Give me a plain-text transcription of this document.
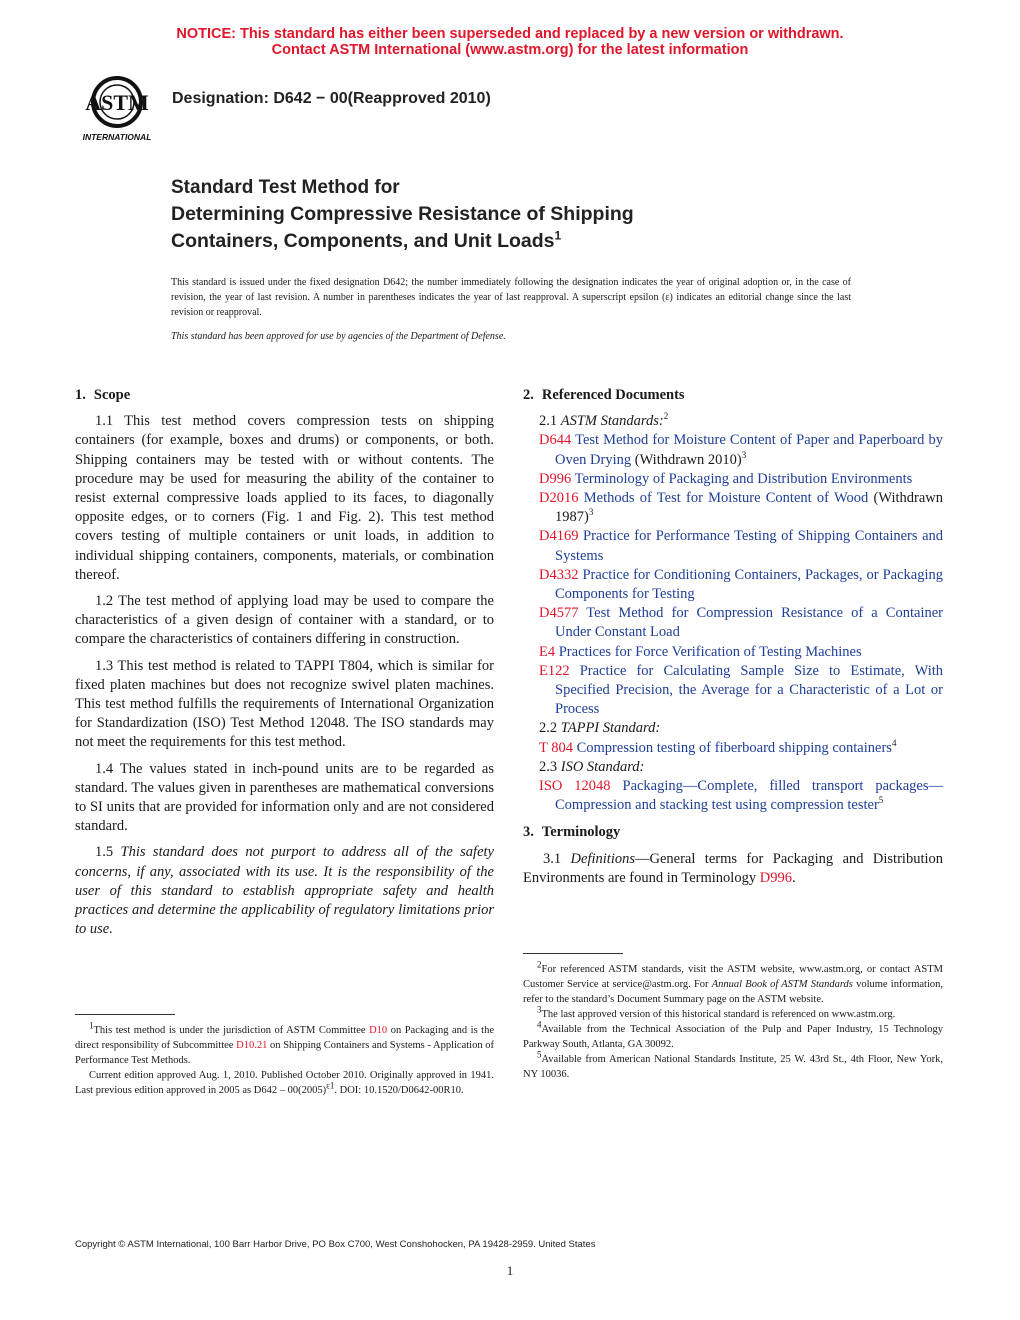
NOTICE: This standard has either been superseded and replaced by a new version or withdrawn.
Contact ASTM International (www.astm.org) for the latest information
ASTM
INTERNATIONAL
Designation: D642 − 00(Reapproved 2010)
Standard Test Method for
Determining Compressive Resistance of Shipping
Containers, Components, and Unit Loads$^1$
This standard is issued under the fixed designation D642; the number immediately following the designation indicates the year of original adoption or, in the case of revision, the year of last revision. A number in parentheses indicates the year of last reapproval. A superscript epsilon (ε) indicates an editorial change since the last revision or reapproval.
This standard has been approved for use by agencies of the Department of Defense.
1. Scope

1.1 This test method covers compression tests on shipping containers (for example, boxes and drums) or components, or both. Shipping containers may be tested with or without contents. The procedure may be used for measuring the ability of the container to resist external compressive loads applied to its faces, to diagonally opposite edges, or to corners (Fig. 1 and Fig. 2). This test method covers testing of multiple containers or unit loads, in addition to individual shipping containers, components, materials, or combination thereof.

1.2 The test method of applying load may be used to compare the characteristics of a given design of container with a standard, or to compare the characteristics of containers differing in construction.

1.3 This test method is related to TAPPI T804, which is similar for fixed platen machines but does not recognize swivel platen machines. This test method fulfills the requirements of International Organization for Standardization (ISO) Test Method 12048. The ISO standards may not meet the requirements for this test method.

1.4 The values stated in inch-pound units are to be regarded as standard. The values given in parentheses are mathematical conversions to SI units that are provided for information only and are not considered standard.

1.5 This standard does not purport to address all of the safety concerns, if any, associated with its use. It is the responsibility of the user of this standard to establish appropriate safety and health practices and determine the applicability of regulatory limitations prior to use.

$^1$This test method is under the jurisdiction of ASTM Committee D10 on Packaging and is the direct responsibility of Subcommittee D10.21 on Shipping Containers and Systems - Application of Performance Test Methods.

Current edition approved Aug. 1, 2010. Published October 2010. Originally approved in 1941. Last previous edition approved in 2005 as $D642 - 00(2005)^{\varepsilon 1}$. DOI: 10.1520/D0642-00R10.

2. Referenced Documents

2.1 ASTM Standards:$^2$

D644 Test Method for Moisture Content of Paper and Paperboard by Oven Drying (Withdrawn 2010)$^3$

D996 Terminology of Packaging and Distribution Environments

D2016 Methods of Test for Moisture Content of Wood (Withdrawn 1987)$^3$

D4169 Practice for Performance Testing of Shipping Containers and Systems

D4332 Practice for Conditioning Containers, Packages, or Packaging Components for Testing

D4577 Test Method for Compression Resistance of a Container Under Constant Load

E4 Practices for Force Verification of Testing Machines

E122 Practice for Calculating Sample Size to Estimate, With Specified Precision, the Average for a Characteristic of a Lot or Process

2.2 TAPPI Standard:

T 804 Compression testing of fiberboard shipping containers$^4$

2.3 ISO Standard:

ISO 12048 Packaging—Complete, filled transport packages—Compression and stacking test using compression tester$^5$

3. Terminology

3.1 Definitions—General terms for Packaging and Distribution Environments are found in Terminology D996.

$^2$For referenced ASTM standards, visit the ASTM website, www.astm.org, or contact ASTM Customer Service at service@astm.org. For Annual Book of ASTM Standards volume information, refer to the standard’s Document Summary page on the ASTM website.

$^3$The last approved version of this historical standard is referenced on www.astm.org.

$^4$Available from the Technical Association of the Pulp and Paper Industry, 15 Technology Parkway South, Atlanta, GA 30092.

$^5$Available from American National Standards Institute, 25 W. 43rd St., 4th Floor, New York, NY 10036.

Copyright © ASTM International, 100 Barr Harbor Drive, PO Box C700, West Conshohocken, PA 19428-2959. United States
1
